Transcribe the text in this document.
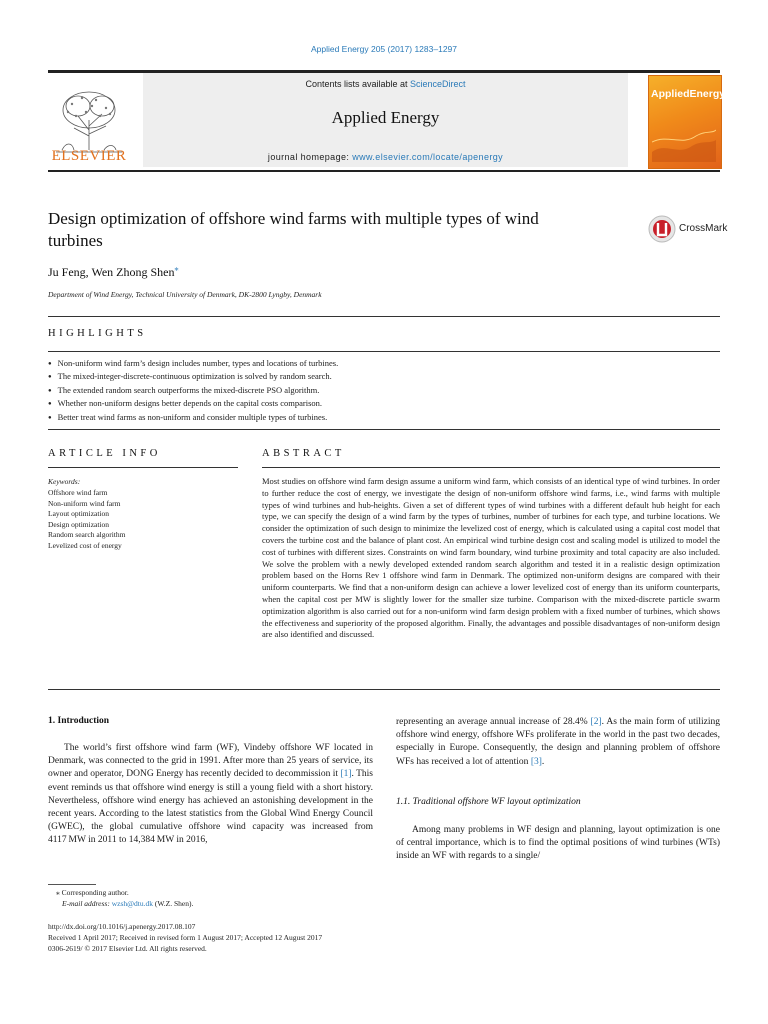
Applied Energy 205 (2017) 1283–1297
ELSEVIER
Contents lists available at ScienceDirect
Applied Energy
journal homepage: www.elsevier.com/locate/apenergy
AppliedEnergy
Design optimization of offshore wind farms with multiple types of wind
turbines
CrossMark
Ju Feng, Wen Zhong Shen⁎
Department of Wind Energy, Technical University of Denmark, DK-2800 Lyngby, Denmark
HIGHLIGHTS
● Non-uniform wind farm’s design includes number, types and locations of turbines.
● The mixed-integer-discrete-continuous optimization is solved by random search.
● The extended random search outperforms the mixed-discrete PSO algorithm.
● Whether non-uniform designs better depends on the capital costs comparison.
● Better treat wind farms as non-uniform and consider multiple types of turbines.
ARTICLE INFO	ABSTRACT
Keywords:
Offshore wind farm
Non-uniform wind farm
Layout optimization
Design optimization
Random search algorithm
Levelized cost of energy
Most studies on offshore wind farm design assume a uniform wind farm, which consists of an identical type of wind turbines. In order to further reduce the cost of energy, we investigate the design of non-uniform offshore wind farms, i.e., wind farms with multiple types of wind turbines and hub-heights. Given a set of different types of wind turbines with a different default hub height for each type, we can specify the design of a wind farm by the types of turbines, number of turbines for each type, and turbine locations. We consider the optimization of such design to minimize the levelized cost of energy, which is calculated using a capital cost model that covers the turbine cost and the balance of plant cost. An empirical wind turbine design cost and scaling model is utilized to model the cost of turbines with different sizes. Constraints on wind farm boundary, wind turbine proximity and total capacity are also included. We solve the problem with a newly developed extended random search algorithm and tested it in a realistic design optimization problem based on the Horns Rev 1 offshore wind farm in Denmark. The optimized non-uniform designs are compared with their uniform counterparts. We find that a non-uniform design can achieve a lower levelized cost of energy than its uniform counterparts, when the capital cost per MW is slightly lower for the smaller size turbine. Comparison with the mixed-discrete particle swarm optimization algorithm is also carried out for a non-uniform wind farm design problem with a fixed number of turbines, which shows the effectiveness and superiority of the proposed algorithm. Finally, the advantages and possible disadvantages of non-uniform design are also identified and discussed.
1. Introduction
The world’s first offshore wind farm (WF), Vindeby offshore WF located in Denmark, was connected to the grid in 1991. After more than 25 years of service, its owner and operator, DONG Energy has recently decided to decommission it [1]. This event reminds us that offshore wind energy is still a young field with a short history. Nevertheless, offshore wind energy has achieved an astonishing development in the recent years. According to the latest statistics from the Global Wind Energy Council (GWEC), the global cumulative offshore wind capacity was increased from 4117 MW in 2011 to 14,384 MW in 2016,
representing an average annual increase of 28.4% [2]. As the main form of utilizing offshore wind energy, offshore WFs proliferate in the world in the past two decades, especially in Europe. Consequently, the design and planning problem of offshore WFs has received a lot of attention [3].
1.1. Traditional offshore WF layout optimization
Among many problems in WF design and planning, layout optimization is one of central importance, which is to find the optimal positions of wind turbines (WTs) inside an WF with regards to a single/
⁎ Corresponding author.
E-mail address: wzsh@dtu.dk (W.Z. Shen).
http://dx.doi.org/10.1016/j.apenergy.2017.08.107
Received 1 April 2017; Received in revised form 1 August 2017; Accepted 12 August 2017
0306-2619/ © 2017 Elsevier Ltd. All rights reserved.
